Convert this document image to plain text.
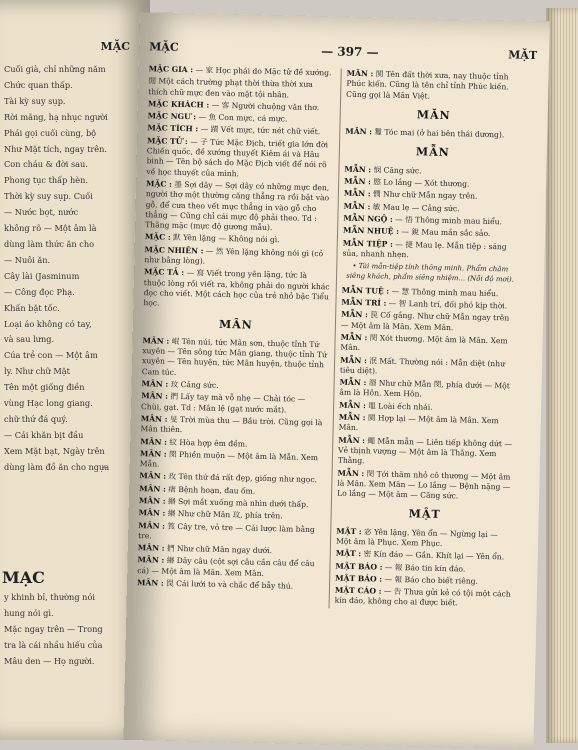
MẶC
Cuối già, chỉ những năm
Chức quan thấp.
Tài kỳ suy sụp.
Rời mãng, hạ nhục người
Phái gọi cuối cùng, bộ
Như Mặt tích, ngay trên.
Con cháu & đời sau.
Phong tục thấp hèn.
Thời kỳ suy sụp. Cuối
— Nước bọt, nước
không rõ — Một âm là
dùng làm thức ăn cho
— Nuôi ăn.
Cây lài (Jasminum
— Công đọc Phạ.
Khấn bặt tốc.
Loại áo không có tay,
và sau lưng.
Cúa trẻ con — Một âm
ly. Như chữ Mặt
Tên một giống điền
vùng Hạc long giang.
chữ thứ đá quý.
— Cái khăn bịt đầu
Xem Mặt bạt, Ngày trên
dùng làm đồ ăn cho ngựa
MẠC
y khinh bỉ, thường nói
hung nói gì.
Mặc ngay trên — Trong
tra là cái nhầu hiếu của
Mâu den — Họ người.
MẶC	— 397 —	MẶT
MẶC GIA : — 家 Học phái do Mặc tử đề xướng.
閒 Một cách trường phạt thời thừa thời xưa thích chữ mực đen vào mặt tội nhân.
MẶC KHÁCH : — 客 Người chuộng văn thơ.
MẶC NGƯ : — 魚 Con mực, cá mực.
MẶC TÍCH : — 蹟 Vết mực, tức nét chữ viết.
MẶC TỬ : — 子 Tức Mặc Địch, triết gia lớn đời Chiến quốc, đề xướng thuyết Kiêm ái và Hâu binh — Tên bộ sách do Mặc Địch viết để nói rõ về học thuyết của mình.
MẶC : 墨 Sợi dây — Sợi dây có những mực đen, người thợ một thường căng thẳng ra rồi bật vào gỗ, để cưa theo vết mực thẳng in vào gỗ cho thẳng — Cũng chỉ cái mực độ phải theo. Td : Thằng mặc (mực độ gương mẫu).
MẶC : 默 Yên lặng — Không nói gì.
MẶC NHIÊN : — 然 Yên lặng không nói gì (cỏ như bằng lòng).
MẶC TẢ : — 寫 Viết trong yên lặng, tức là thuộc lòng rồi viết ra, không phải do người khác đọc cho viết. Một cách học của trẻ nhỏ bậc Tiểu học.
MÂN
MÂN : 岷 Tên núi, tức Mân sơn, thuộc tỉnh Tứ xuyên — Tên sông tức Mân giang, thuộc tỉnh Tứ xuyên — Tên huyện, tức Mân huyện, thuộc tỉnh Cam túc.
MÂN : 玟 Cảng sức.
MÂN : 捫 Lấy tay mà vỗ nhẹ — Chải tóc — Chùi, gạt. Td : Mân lệ (gạt nước mắt).
MÂN : 旻 Trời mùa thu — Bầu trời. Cũng gọi là Mân thiên.
MÂN : 紋 Hòa hợp êm đềm.
MÂN : 閔 Phiền muộn — Một âm là Mẫn. Xem Mẫn.
MÂN : 玫 Tên thứ đá rất đẹp, giống như ngọc.
MÂN : 瘏 Bệnh hoạn, đau ốm.
MÂN : 緡 Sợi mắt xuống mà nhìn dưới thấp.
MÂN : 緡 Như chữ Mân 玟, phía trên.
MÂN : 筤 Cây tre, vỏ tre — Cái lược làm bằng tre.
MÂN : 捫 Như chữ Mân ngay dưới.
MÂN : 緡 Dây câu (cột sợi câu cần câu để câu cá) — Một âm là Mân. Xem Mân.
MÂN : 罠 Cái lưới to và chắc để bẫy thú.
MÂN : 閩 Tên đất thời xưa, nay thuộc tỉnh Phúc kiến. Cũng là tên chỉ tỉnh Phúc kiến. Cũng gọi là Mân Việt.
MĂN
MĂN : 鬘 Tóc mai (ở hai bên thái dương).
MẪN
MẪN : 悯 Căng sức.
MẪN : 愍 Lo lắng — Xót thương.
MẪN : 憫 Như chữ Mẫn ngay trên.
MẪN : 敏 Mau lẹ — Cảng sức.
MẪN NGỘ : — 悟 Thông minh mau hiểu.
MẪN NHUỆ : — 銳 Mau mắn sắc sảo.
MẪN TIỆP : — 捷 Mau lẹ. Mẫn tiệp : sáng sủa, nhanh nhẹn.
• Tài mẫn-tiệp tính thông minh. Phẩm chăm siêng khách, phẩm siêng nhiệm... (Nỗi độ mơi).
MẪN TUỆ : — 慧 Thông minh mau hiểu.
MẪN TRÍ : — 智 Lanh trí, đối phó kịp thời.
MẪN : 笢 Cố gắng. Như chữ Mẫn ngay trên — Một âm là Mân. Xem Mân.
MẪN : 閔 Xót thương. Một âm là Mân. Xem Mân.
MẪN : 泯 Mất. Thường nói : Mẫn diệt (như tiêu diệt).
MẪN : 湣 Như chữ Mẫn 閔, phía dưới — Một âm là Hôn. Xem Hôn.
MẪN : 黽 Loài ếch nhái.
MẪN : 閩 Hợp lại — Một âm là Mân. Xem Mân.
MẪN : 繩 Mẫn mẫn — Liên tiếp không dứt — Vẻ thịnh vượng — Một âm là Thằng. Xem Thằng.
MẪN : 閔 Tới thăm nhỏ cô thương — Một âm là Mân. Xem Mân — Lo lắng — Bệnh nặng — Lo lắng — Một âm — Căng sức.
MẬT
MẬT : 宓 Yên lặng. Yên ổn — Ngừng lại — Một âm là Phục. Xem Phục.
MẬT : 密 Kín đáo — Gần. Khít lại — Yên ổn.
MẬT BÁO : — 報 Báo tin kín đáo.
MẬT BÁO : — 報 Báo cho biết riêng.
MẬT CÁO : — 告 Thưa gửi kẻ có tội một cách kín đáo, không cho ai được biết.
